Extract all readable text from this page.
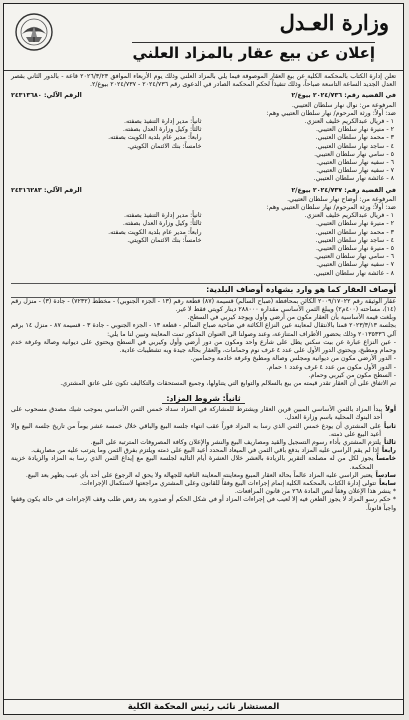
وزارة العـدل
إعلان عن بيع عقار بالمزاد العلني

تعلن إدارة الكتاب بالمحكمة الكلية عن بيع العقار الموصوفة فيما يلي بالمزاد العلني وذلك يوم الأربعاء الموافق ٢٠٢٦/٣/٢٣ قاعة - بالدور الثاني بقصر العدل الجديد الساعة التاسعة صباحاً، وذلك تنفيذاً لحكم المحكمة الصادر في الدعوى رقم ٢٠٢٤/٧٣٦ - ٢٠٢٤/٧٣٧ بيوع/٢.

في القضية رقم: ٢٠٢٤/٧٣٦ بيوع/٢
الرقم الآلي: ٢٤٣١٣٦٨٠
المرفوعة من: نوال نهار سلطان العتيبي.
ضد: أولاً: ورثة المرحوم/ نهار سلطان العتيبي وهم:
١ - فريال عبدالكريم خليف العنزي.
ثانياً: مدير إدارة التنفيذ بصفته.
٢ - منيرة نهار سلطان العتيبي.
ثالثاً: وكيل وزارة العدل بصفته.
٣ - محمد نهار سلطان العتيبي.
رابعاً: مدير عام بلدية الكويت بصفته.
٤ - ساجد نهار سلطان العتيبي.
خامساً: بنك الائتمان الكويتي.
٥ - سامي نهار سلطان العتيبي.
٦ - سفيه نهار سلطان العتيبي.
٧ - سفيه نهار سلطان العتيبي.
٨ - عائشة نهار سلطان العتيبي.
في القضية رقم: ٢٠٢٤/٧٣٧ بيوع/٢
الرقم الآلي: ٢٤٣١٦٢٨٣
المرفوعة من: أوضاح نهار سلطان العتيبي.
ضد: أولاً: ورثة المرحوم/ نهار سلطان العتيبي وهم:
١ - فريال عبدالكريم خليف العنزي.
ثانياً: مدير إدارة التنفيذ بصفته.
٢ - منيرة نهار سلطان العتيبي.
ثالثاً: وكيل وزارة العدل بصفته.
٣ - محمد نهار سلطان العتيبي.
رابعاً: مدير عام بلدية الكويت بصفته.
٤ - ساجد نهار سلطان العتيبي.
خامساً: بنك الائتمان الكويتي.
٥ - منيرة نهار سلطان العتيبي.
٦ - سامي نهار سلطان العتيبي.
٧ - سفيه نهار سلطان العتيبي.
٨ - عائشة نهار سلطان العتيبي.
أوصاف العقار كما هو وارد بشهادة أوصاف البلدية:

عقار الوثيقة رقم ٢٠٠٩/١٧٠٢٢ الكائن بمحافظة (صباح السالم) قسيمة (٨٧) قطعة رقم (١٣ - الجزء الجنوبي) - مخطط (٧٢٣٢) - جادة (٣) - منزل رقم (١٤)، مساحته (٤٠٠م٢) ويبلغ الثمن الأساسي مقداره ٢٨٨٠٠٠ دينار كويتي فقط لا غير.

وبلغت قيمة الأساسية بأن العقار مكون من أرضي وأول ويوجد كيربي في السطح.

بجلسة ٢٠٢٣/٣/١٣ قمنا بالانتقال لمعاينة عين النزاع الكائنة في ضاحية صباح السالم - قطعة ١٣ - الجزء الجنوبي - جادة ٣ - قسيمة ٨٧ - منزل ١٤ برقم آلي ٢٠١٣٥٣٣٦ وذلك بحضور الأطراف المتنازعة، وعند وصولنا الى العنوان المذكور تمت المعاينة وتبين لنا ما يلي:

- عين النزاع عبارة عن بيت سكني يطل على شارع واحد ومكون من دور أرضي وأول وكيربي في السطح ويحتوي على ديوانية وصالة وغرفة خدم وحمام ومطبخ، ويحتوي الدور الأول على عدد ٤ غرف نوم وحمامات، والعقار بحالة جيدة وبه تشطيبات عادية.

- الدور الأرضي مكون من ديوانية ومجلس وصالة ومطبخ وغرفة خادمة وحمامين.

- الدور الأول مكون من عدد ٤ غرف وعدد ١ حمام.

- السطح مكون من كيربي وحمام.

تم الاتفاق على أن العقار تقدر قيمته من بيع بالسلالم والتوابع التي يتناولها، وجميع المستحقات والتكاليف تكون على عاتق المشتري.

ثانياً: شروط المزاد:
أولاً
يبدأ المزاد بالثمن الأساسي المبين قرين العقار ويشترط للمشاركة في المزاد سداد خمس الثمن الأساسي بموجب شيك مصدق مسحوب على أحد البنوك المحلية باسم وزارة العدل.
ثانياً
على المشتري أن يودع خمس الثمن الذي رسا به المزاد فوراً عقب انتهاء جلسة البيع والباقي خلال خمسة عشر يوماً من تاريخ جلسة البيع وإلا أعيد البيع على ذمته.
ثالثاً
يلتزم المشتري بأداء رسوم التسجيل والقيد ومصاريف البيع والنشر والإعلان وكافة المصروفات المترتبة على البيع.
رابعاً
إذا لم يقم الراسي عليه المزاد بدفع باقي الثمن في الميعاد المحدد أعيد البيع على ذمته ويلتزم بفرق الثمن وما يترتب عليه من مصاريف.
خامساً
يجوز لكل من له مصلحة التقرير بالزيادة بالعشر خلال العشرة أيام التالية لجلسة البيع مع إيداع الثمن الذي رسا به المزاد والزيادة خزينة المحكمة.
سادساً
يعتبر الراسي عليه المزاد عالماً بحالة العقار المبيع ومعاينته المعاينة النافية للجهالة ولا يحق له الرجوع على أحد بأي عيب يظهر بعد البيع.
سابعاً
تتولى إدارة الكتاب بالمحكمة الكلية إتمام إجراءات البيع وفقاً للقانون وعلى المشتري مراجعتها لاستكمال الإجراءات.

* ينشر هذا الإعلان وفقاً لنص المادة ٢٦٨ من قانون المرافعات.

* حكم رسو المزاد لا يجوز الطعن فيه إلا لعيب في إجراءات المزاد أو في شكل الحكم أو صدوره بعد رفض طلب وقف الإجراءات في حالة يكون وقفها واجباً قانوناً.

المستشار نائب رئيس المحكمة الكلية
